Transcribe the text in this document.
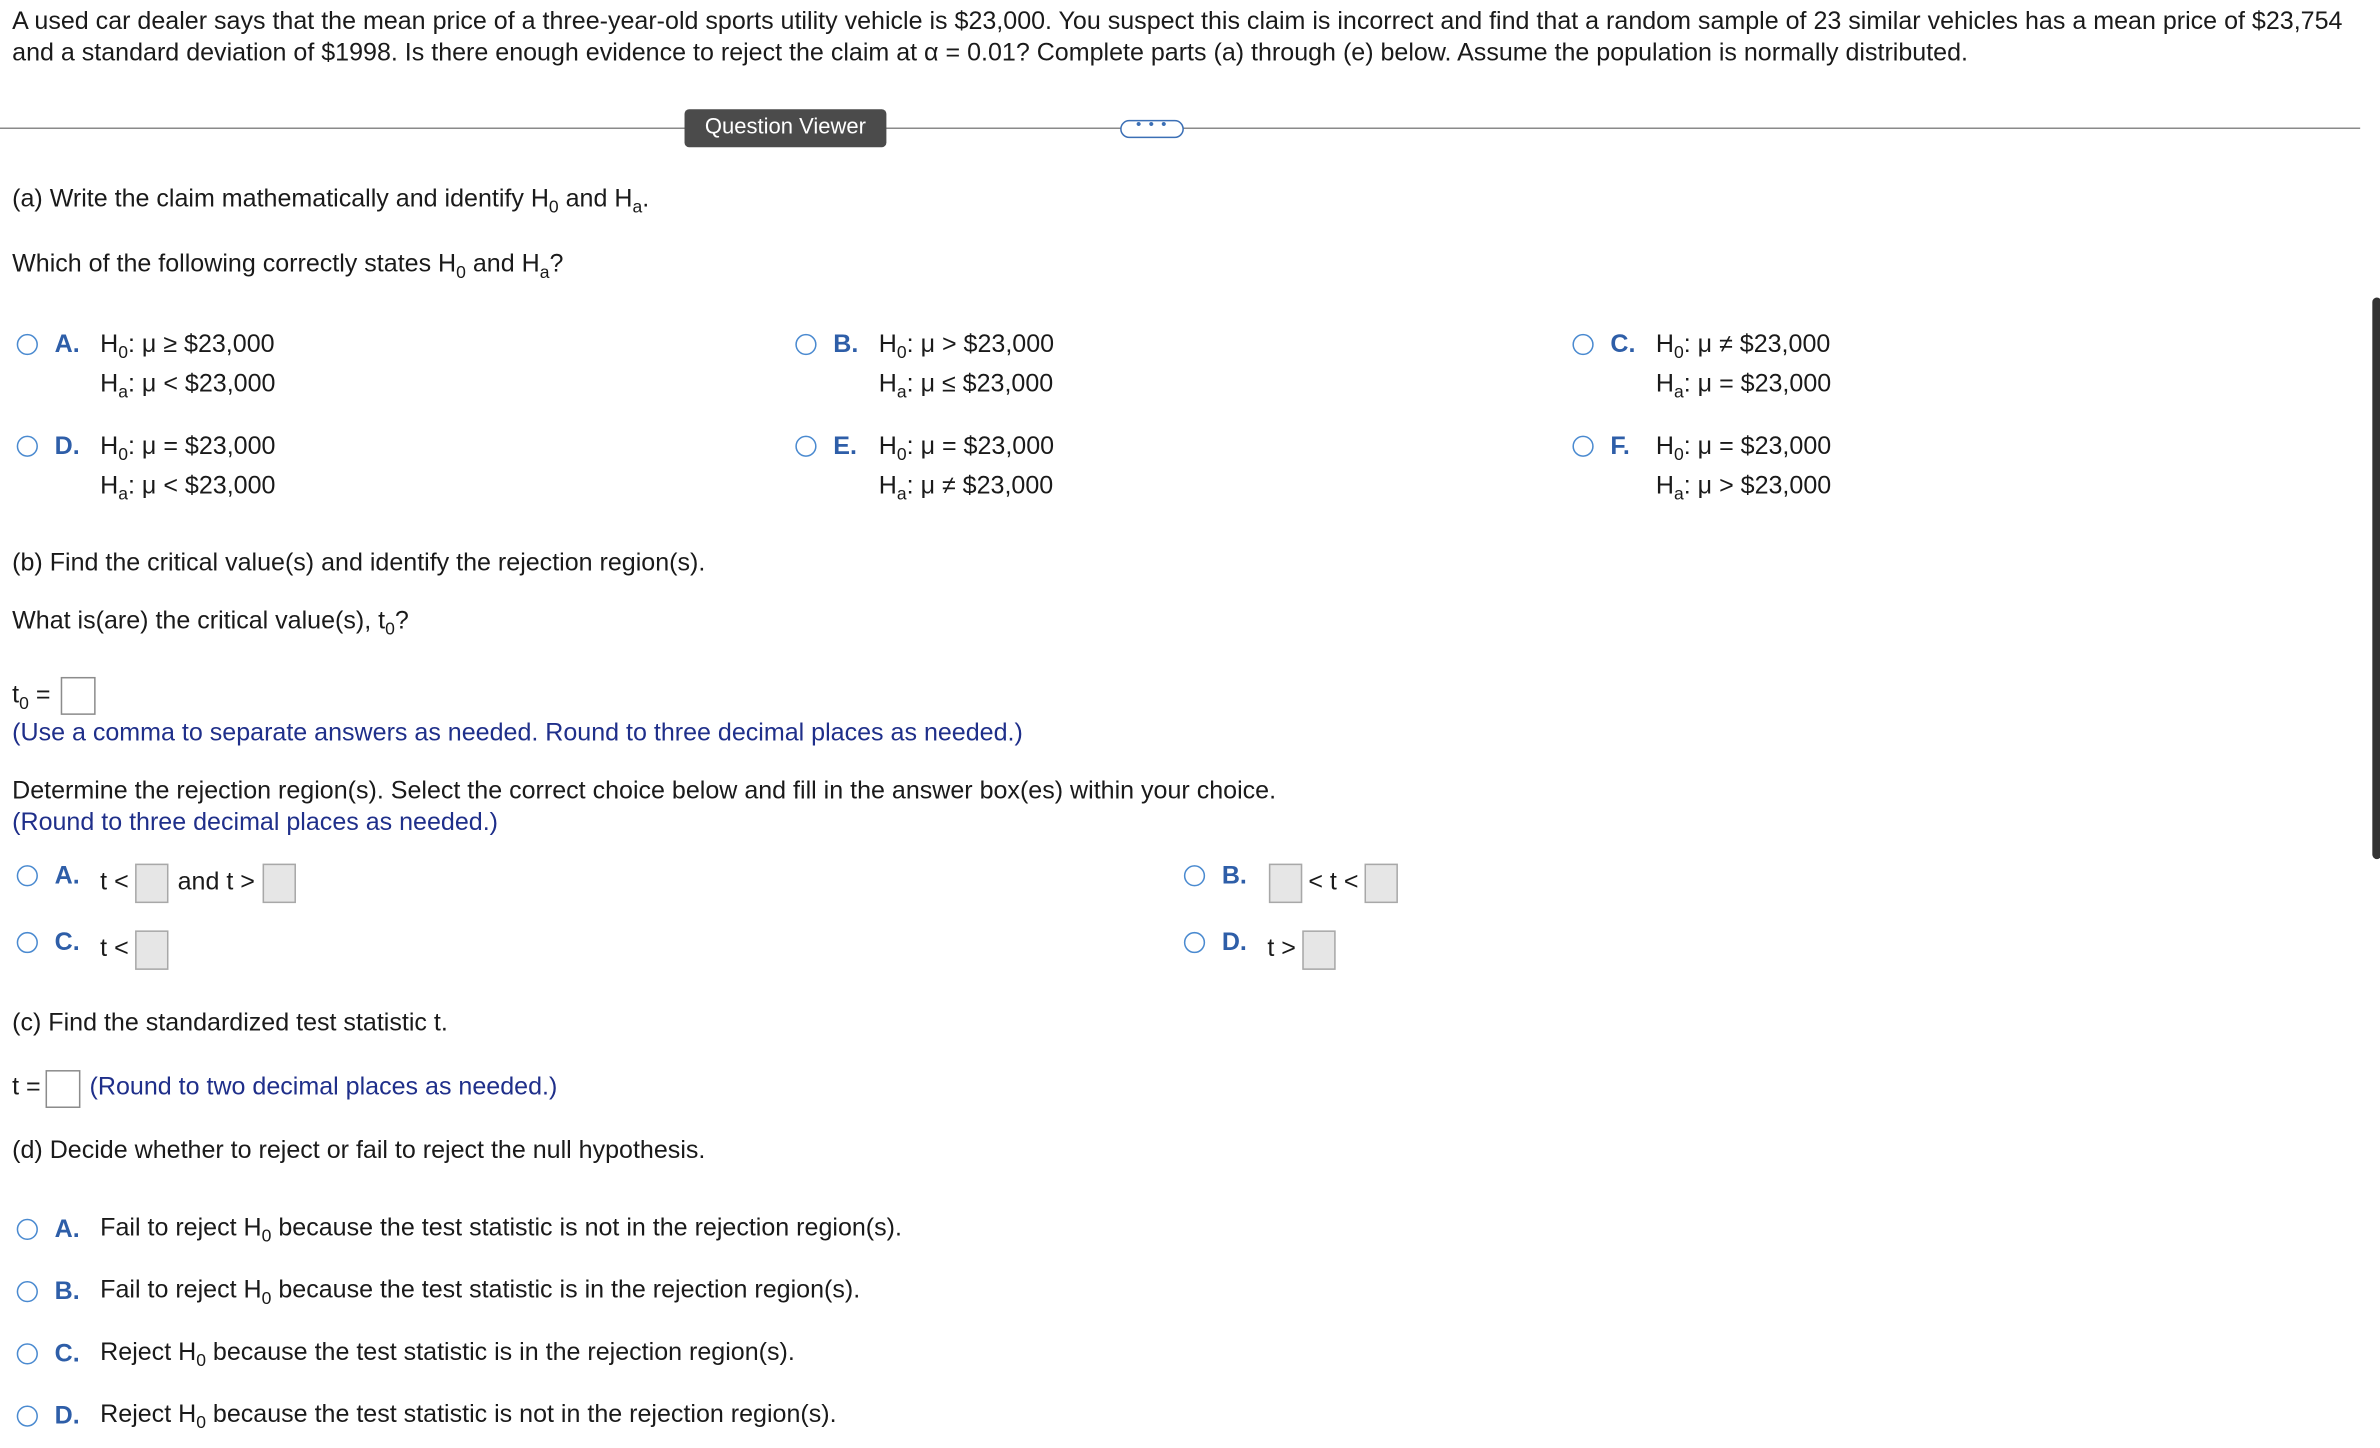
A used car dealer says that the mean price of a three-year-old sports utility vehicle is $23,000. You suspect this claim is incorrect and find that a random sample of 23 similar vehicles has a mean price of $23,754 and a standard deviation of $1998. Is there enough evidence to reject the claim at α = 0.01? Complete parts (a) through (e) below. Assume the population is normally distributed.
Question Viewer	• • •
(a) Write the claim mathematically and identify $H_0$ and $H_a$.
Which of the following correctly states $H_0$ and $H_a$?
A. $H_0$: μ ≥ $23,000
$H_a$: μ < $23,000
B. $H_0$: μ > $23,000
$H_a$: μ ≤ $23,000
C. $H_0$: μ ≠ $23,000
$H_a$: μ = $23,000
D. $H_0$: μ = $23,000
$H_a$: μ < $23,000
E. $H_0$: μ = $23,000
$H_a$: μ ≠ $23,000
F. $H_0$: μ = $23,000
$H_a$: μ > $23,000
(b) Find the critical value(s) and identify the rejection region(s).
What is(are) the critical value(s), $t_0$?
$t_0$ =
(Use a comma to separate answers as needed. Round to three decimal places as needed.)
Determine the rejection region(s). Select the correct choice below and fill in the answer box(es) within your choice.
(Round to three decimal places as needed.)
A. t <	and t >	B.	< t <
C. t <	D. t >
(c) Find the standardized test statistic t.
t =	(Round to two decimal places as needed.)
(d) Decide whether to reject or fail to reject the null hypothesis.
A. Fail to reject $H_0$ because the test statistic is not in the rejection region(s).
B. Fail to reject $H_0$ because the test statistic is in the rejection region(s).
C. Reject $H_0$ because the test statistic is in the rejection region(s).
D. Reject $H_0$ because the test statistic is not in the rejection region(s).
